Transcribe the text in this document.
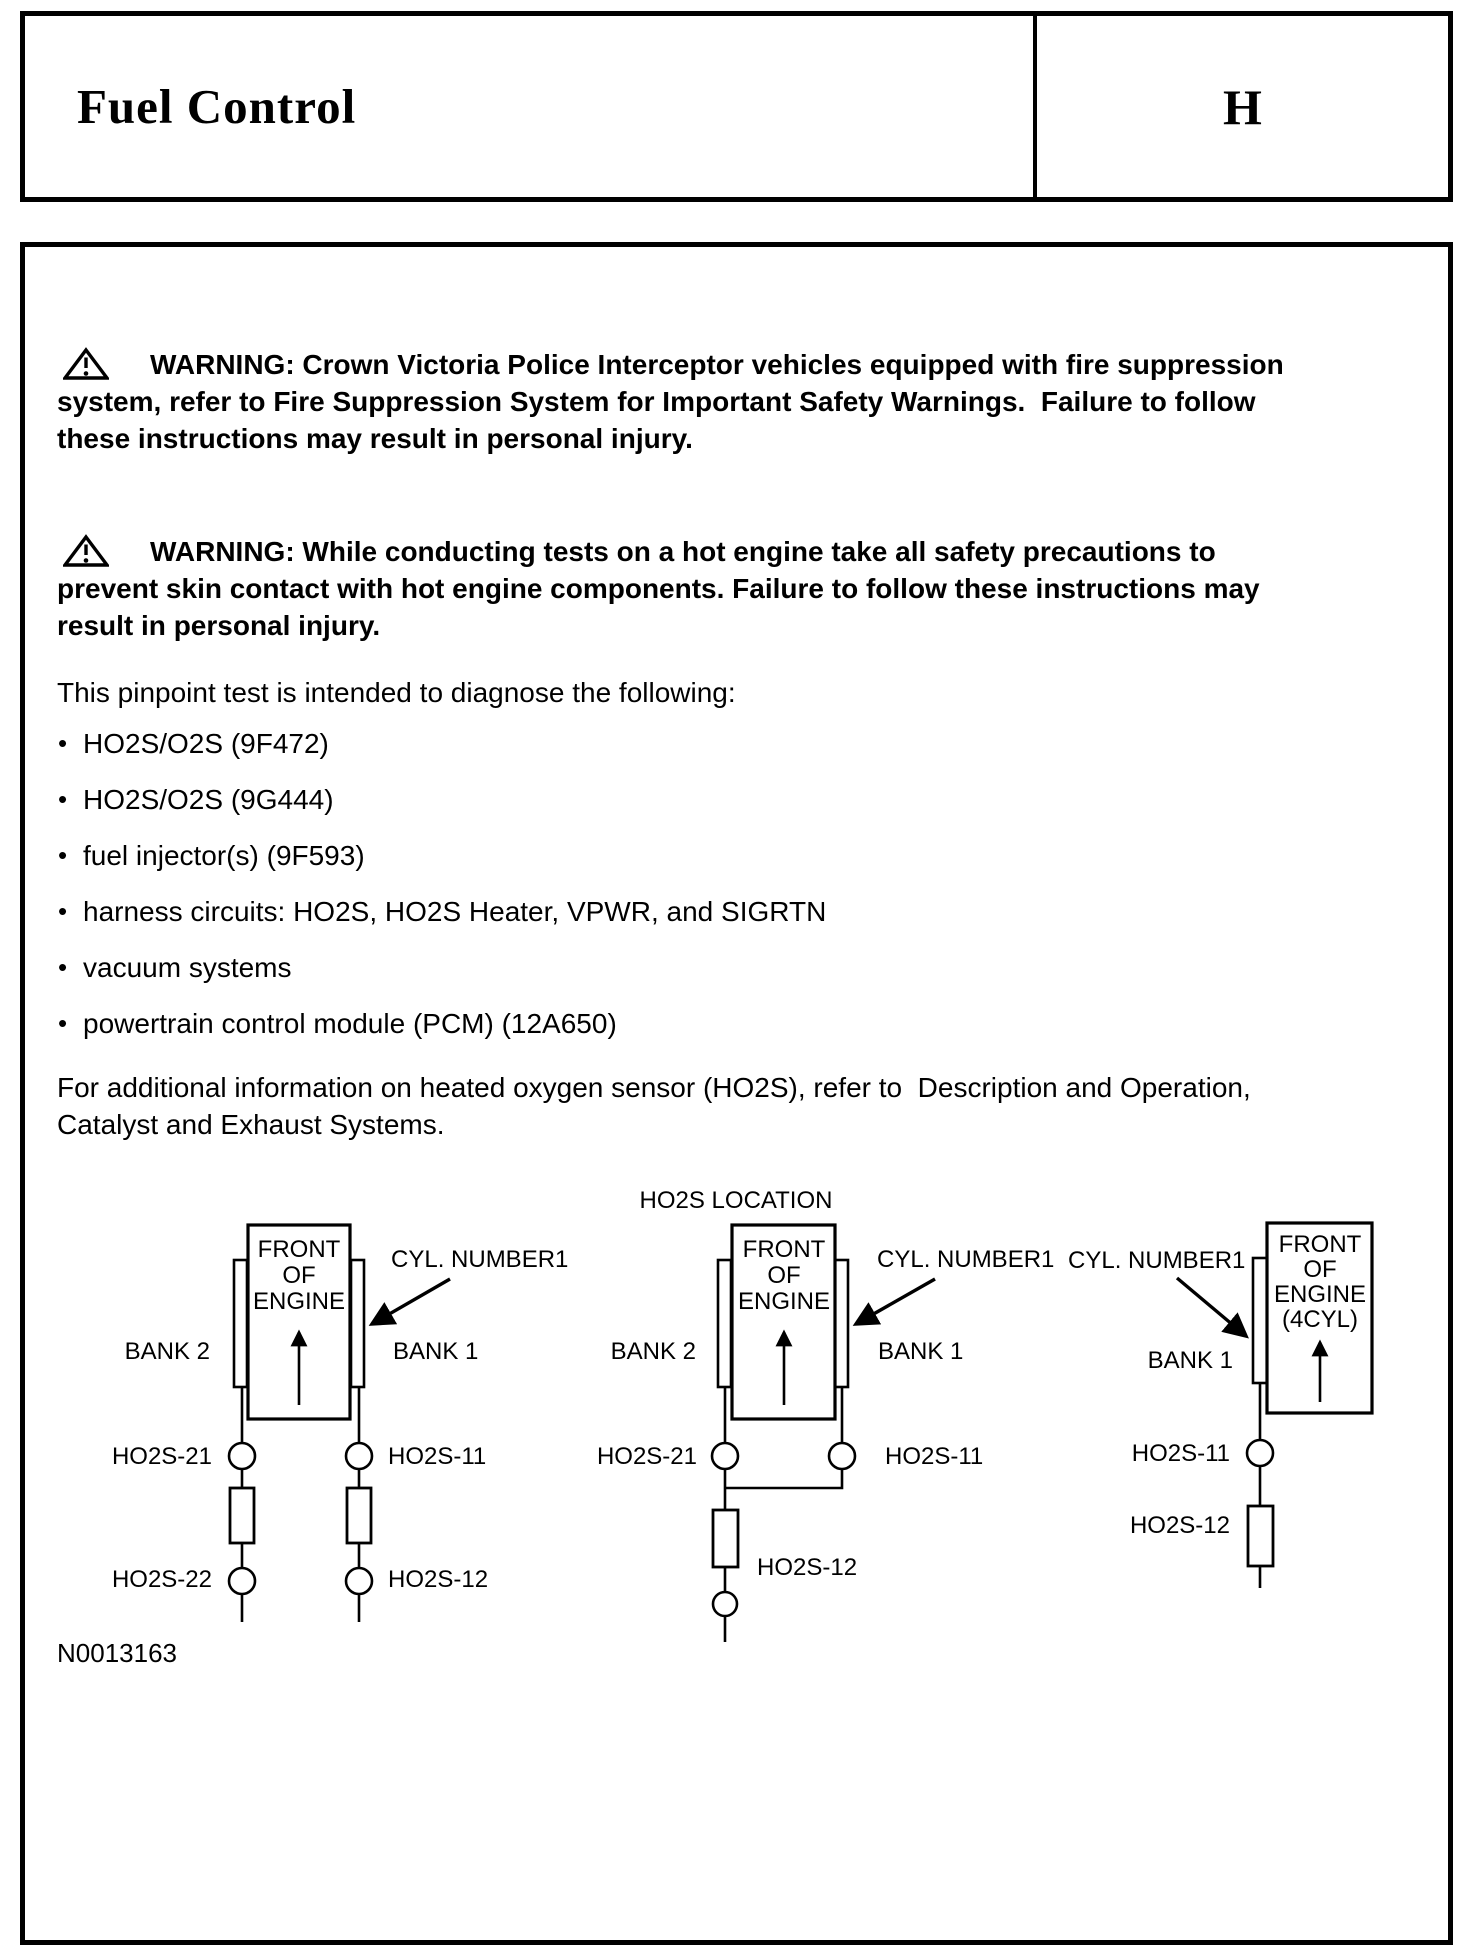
Fuel Control	H
WARNING: Crown Victoria Police Interceptor vehicles equipped with fire suppression
system, refer to Fire Suppression System for Important Safety Warnings.  Failure to follow
these instructions may result in personal injury.
WARNING: While conducting tests on a hot engine take all safety precautions to
prevent skin contact with hot engine components. Failure to follow these instructions may
result in personal injury.
This pinpoint test is intended to diagnose the following:
• HO2S/O2S (9F472)
• HO2S/O2S (9G444)
• fuel injector(s) (9F593)
• harness circuits: HO2S, HO2S Heater, VPWR, and SIGRTN
• vacuum systems
• powertrain control module (PCM) (12A650)
For additional information on heated oxygen sensor (HO2S), refer to  Description and Operation,
Catalyst and Exhaust Systems.
HO2S LOCATION
FRONT
OF
ENGINE
BANK 2	BANK 1
CYL. NUMBER1
HO2S-21	HO2S-11
HO2S-22	HO2S-12
FRONT
OF
ENGINE
BANK 2	BANK 1
CYL. NUMBER1
HO2S-21	HO2S-11
HO2S-12
FRONT
OF
ENGINE
(4CYL)
CYL. NUMBER1
BANK 1
HO2S-11
HO2S-12
N0013163
